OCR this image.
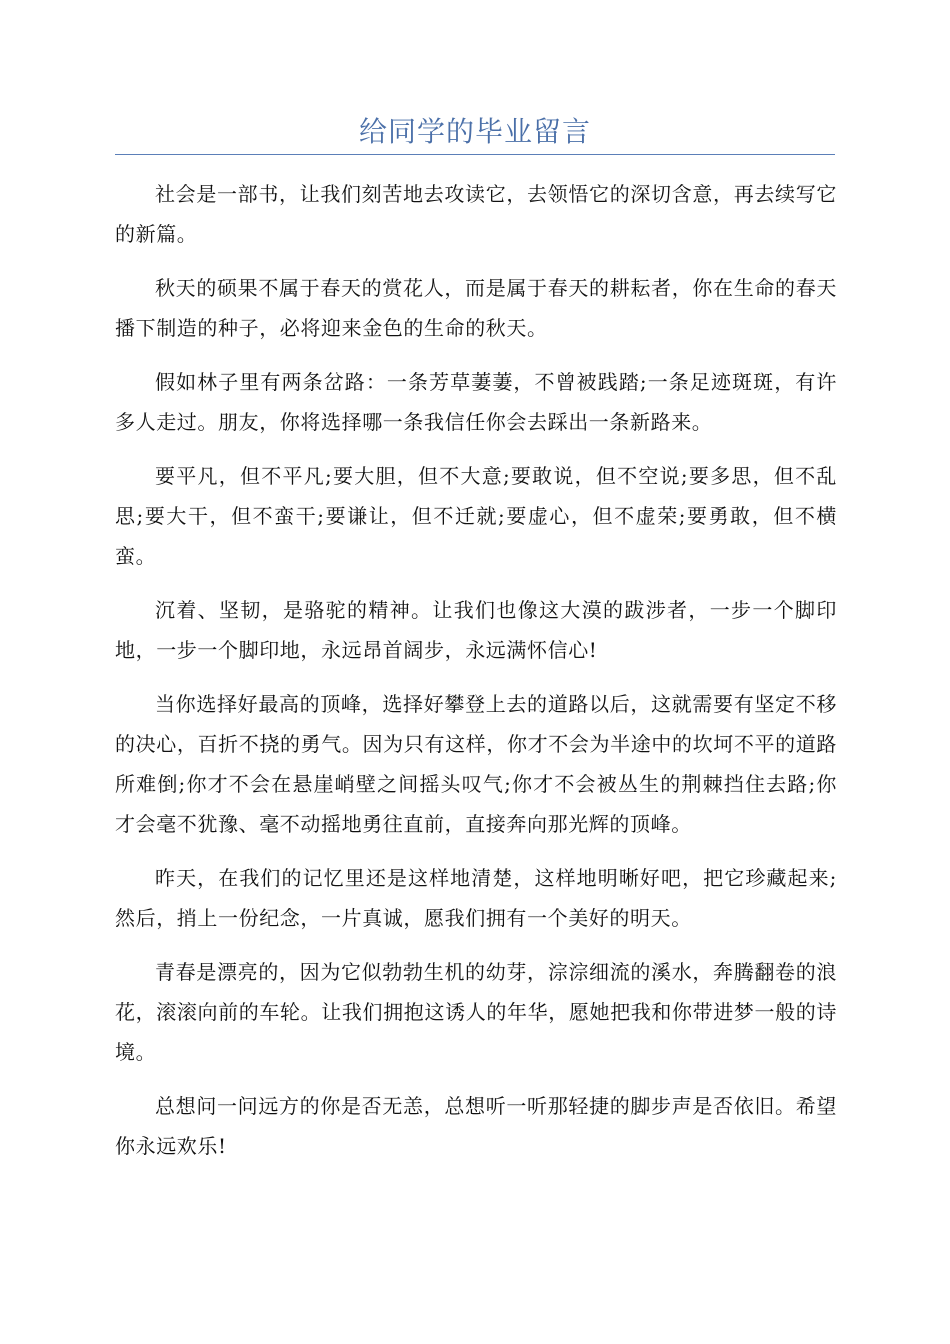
给同学的毕业留言

社会是一部书，让我们刻苦地去攻读它，去领悟它的深切含意，再去续写它的新篇。

秋天的硕果不属于春天的赏花人，而是属于春天的耕耘者，你在生命的春天播下制造的种子，必将迎来金色的生命的秋天。

假如林子里有两条岔路：一条芳草萋萋，不曾被践踏;一条足迹斑斑，有许多人走过。朋友，你将选择哪一条我信任你会去踩出一条新路来。

要平凡，但不平凡;要大胆，但不大意;要敢说，但不空说;要多思，但不乱思;要大干，但不蛮干;要谦让，但不迁就;要虚心，但不虚荣;要勇敢，但不横蛮。

沉着、坚韧，是骆驼的精神。让我们也像这大漠的跋涉者，一步一个脚印地，一步一个脚印地，永远昂首阔步，永远满怀信心!

当你选择好最高的顶峰，选择好攀登上去的道路以后，这就需要有坚定不移的决心，百折不挠的勇气。因为只有这样，你才不会为半途中的坎坷不平的道路所难倒;你才不会在悬崖峭壁之间摇头叹气;你才不会被丛生的荆棘挡住去路;你才会毫不犹豫、毫不动摇地勇往直前，直接奔向那光辉的顶峰。

昨天，在我们的记忆里还是这样地清楚，这样地明晰好吧，把它珍藏起来;然后，捎上一份纪念，一片真诚，愿我们拥有一个美好的明天。

青春是漂亮的，因为它似勃勃生机的幼芽，淙淙细流的溪水，奔腾翻卷的浪花，滚滚向前的车轮。让我们拥抱这诱人的年华，愿她把我和你带进梦一般的诗境。

总想问一问远方的你是否无恙，总想听一听那轻捷的脚步声是否依旧。希望你永远欢乐!
